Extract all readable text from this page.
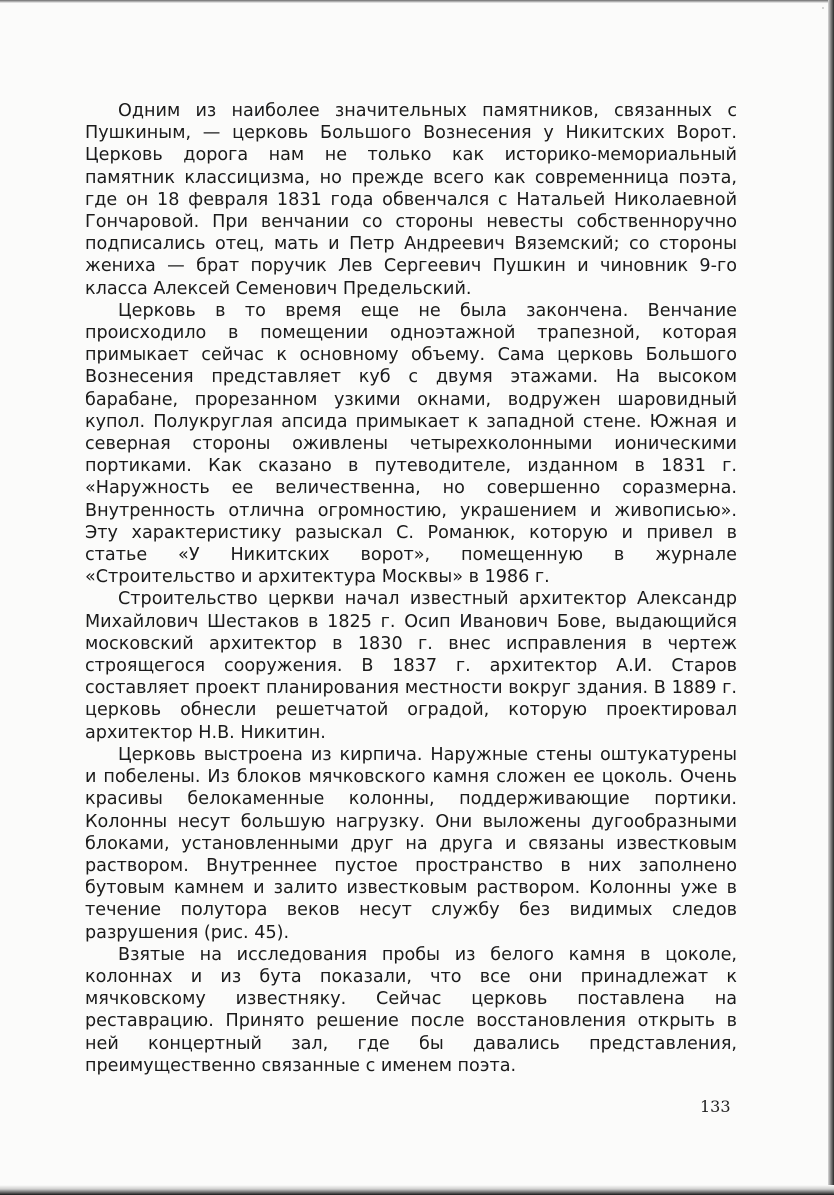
ᐧ

Одним из наиболее значительных памятников, связанных с Пушкиным, — церковь Большого Вознесения у Никитских Ворот. Церковь дорога нам не только как историко-мемориальный памятник классицизма, но прежде всего как современница поэта, где он 18 февраля 1831 года обвенчался с Натальей Николаевной Гончаровой. При венчании со стороны невесты собственноручно подписались отец, мать и Петр Андреевич Вяземский; со стороны жениха — брат поручик Лев Сергеевич Пушкин и чиновник 9-го класса Алексей Семенович Предельский.

Церковь в то время еще не была закончена. Венчание происходило в помещении одноэтажной трапезной, которая примыкает сейчас к основному объему. Сама церковь Большого Вознесения представляет куб с двумя этажами. На высоком барабане, прорезанном узкими окнами, водружен шаровидный купол. Полукруглая апсида примыкает к западной стене. Южная и северная стороны оживлены четырехколонными ионическими портиками. Как сказано в путеводителе, изданном в 1831 г. «Наружность ее величественна, но совершенно соразмерна. Внутренность отлична огромностию, украшением и живописью». Эту характеристику разыскал С. Романюк, которую и привел в статье «У Никитских ворот», помещенную в журнале «Строительство и архитектура Москвы» в 1986 г.

Строительство церкви начал известный архитектор Александр Михайлович Шестаков в 1825 г. Осип Иванович Бове, выдающийся московский архитектор в 1830 г. внес исправления в чертеж строящегося сооружения. В 1837 г. архитектор А.И. Старов составляет проект планирования местности вокруг здания. В 1889 г. церковь обнесли решетчатой оградой, которую проектировал архитектор Н.В. Никитин.

Церковь выстроена из кирпича. Наружные стены оштукатурены и побелены. Из блоков мячковского камня сложен ее цоколь. Очень красивы белокаменные колонны, поддерживающие портики. Колонны несут большую нагрузку. Они выложены дугообразными блоками, установленными друг на друга и связаны известковым раствором. Внутреннее пустое пространство в них заполнено бутовым камнем и залито известковым раствором. Колонны уже в течение полутора веков несут службу без видимых следов разрушения (рис. 45).

Взятые на исследования пробы из белого камня в цоколе, колоннах и из бута показали, что все они принадлежат к мячковскому известняку. Сейчас церковь поставлена на реставрацию. Принято решение после восстановления открыть в ней концертный зал, где бы давались представления, преимущественно связанные с именем поэта.

133
